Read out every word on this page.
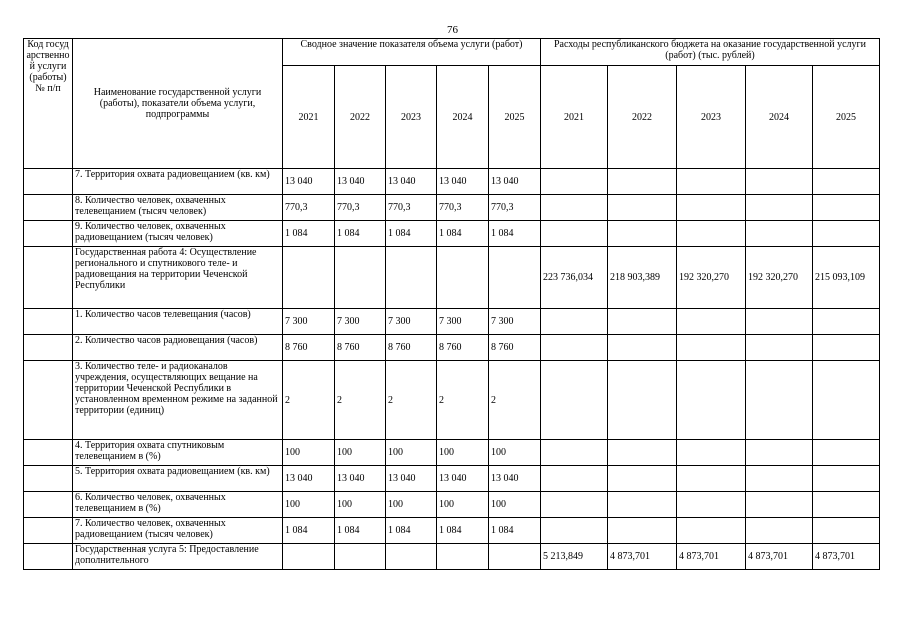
76
Код государственной услуги (работы) № п/п	Наименование государственной услуги (работы), показатели объема услуги, подпрограммы	Сводное значение показателя объема услуги (работ)					Расходы республиканского бюджета на оказание государственной услуги (работ) (тыс. рублей)				
		2021	2022	2023	2024	2025	2021	2022	2023	2024	2025
	7. Территория охвата радиовещанием (кв. км)	13 040	13 040	13 040	13 040	13 040					
	8. Количество человек, охваченных телевещанием (тысяч человек)	770,3	770,3	770,3	770,3	770,3					
	9. Количество человек, охваченных радиовещанием (тысяч человек)	1 084	1 084	1 084	1 084	1 084					
	Государственная работа 4: Осуществление регионального и спутникового теле- и радиовещания на территории Чеченской Республики						223 736,034	218 903,389	192 320,270	192 320,270	215 093,109
	1. Количество часов телевещания (часов)	7 300	7 300	7 300	7 300	7 300					
	2. Количество часов радиовещания (часов)	8 760	8 760	8 760	8 760	8 760					
	3. Количество теле- и радиоканалов учреждения, осуществляющих вещание на территории Чеченской Республики в установленном временном режиме на заданной территории (единиц)	2	2	2	2	2					
	4. Территория охвата спутниковым телевещанием в (%)	100	100	100	100	100					
	5. Территория охвата радиовещанием (кв. км)	13 040	13 040	13 040	13 040	13 040					
	6. Количество человек, охваченных телевещанием в (%)	100	100	100	100	100					
	7. Количество человек, охваченных радиовещанием (тысяч человек)	1 084	1 084	1 084	1 084	1 084					
	Государственная услуга 5: Предоставление дополнительного						5 213,849	4 873,701	4 873,701	4 873,701	4 873,701
